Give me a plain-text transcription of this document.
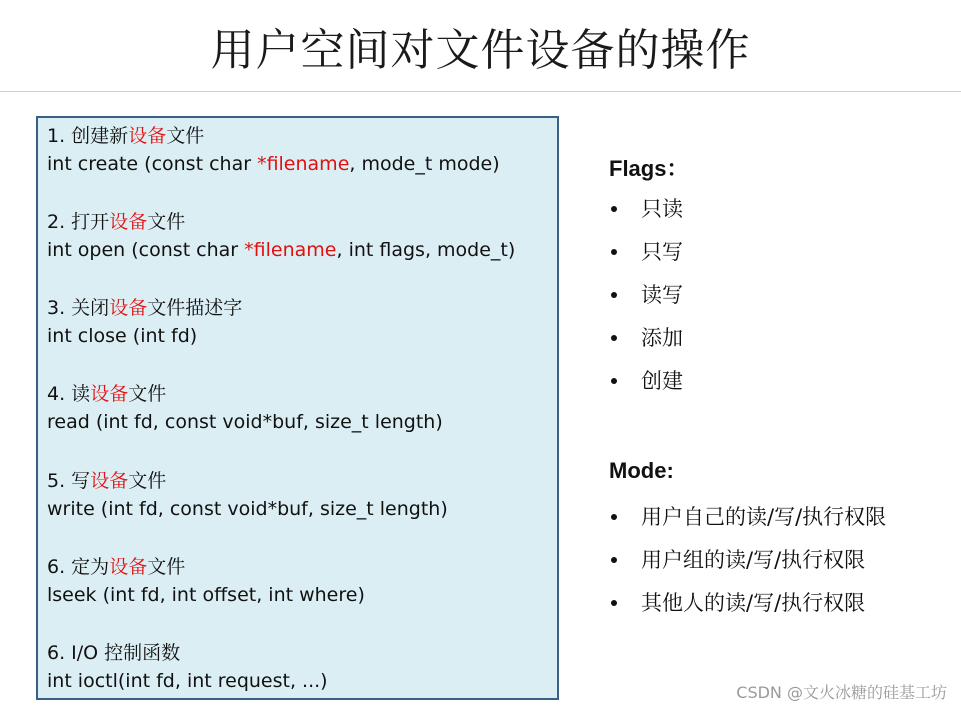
用户空间对文件设备的操作
1. 创建新设备文件
int create (const char *filename, mode_t mode)
2. 打开设备文件
int open (const char *filename, int flags, mode_t)
3. 关闭设备文件描述字
int close (int fd)
4. 读设备文件
read (int fd, const void*buf, size_t length)
5. 写设备文件
write (int fd, const void*buf, size_t length)
6. 定为设备文件
lseek (int fd, int offset, int where)
6. I/O 控制函数
int ioctl(int fd, int request, ...)
Flags：
只读
只写
读写
添加
创建
Mode:
用户自己的读/写/执行权限
用户组的读/写/执行权限
其他人的读/写/执行权限
CSDN @文火冰糖的硅基工坊
